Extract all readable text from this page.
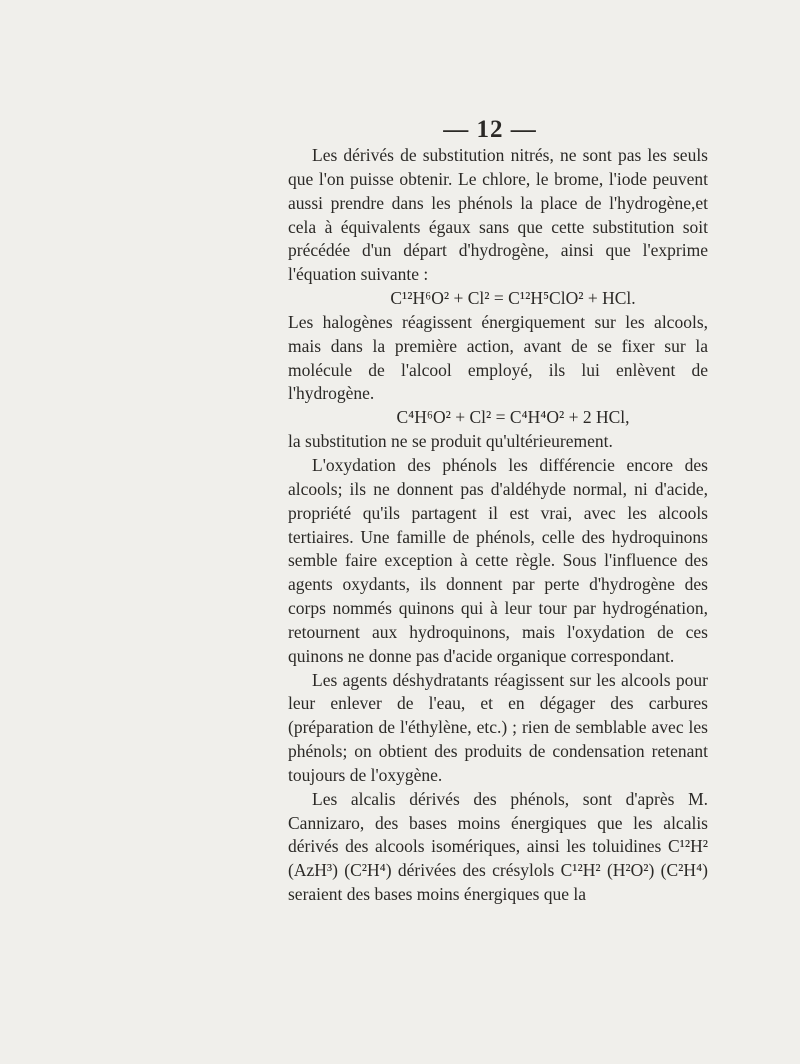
— 12 —

Les dérivés de substitution nitrés, ne sont pas les seuls que l'on puisse obtenir. Le chlore, le brome, l'iode peuvent aussi prendre dans les phénols la place de l'hydrogène,et cela à équivalents égaux sans que cette substitution soit précédée d'un départ d'hydrogène, ainsi que l'exprime l'équation suivante :

C¹²H⁶O² + Cl² = C¹²H⁵ClO² + HCl.

Les halogènes réagissent énergiquement sur les alcools, mais dans la première action, avant de se fixer sur la molécule de l'alcool employé, ils lui enlèvent de l'hydrogène.

C⁴H⁶O² + Cl² = C⁴H⁴O² + 2 HCl,

la substitution ne se produit qu'ultérieurement.

L'oxydation des phénols les différencie encore des alcools; ils ne donnent pas d'aldéhyde normal, ni d'acide, propriété qu'ils partagent il est vrai, avec les alcools tertiaires. Une famille de phénols, celle des hydroquinons semble faire exception à cette règle. Sous l'influence des agents oxydants, ils donnent par perte d'hydrogène des corps nommés quinons qui à leur tour par hydrogénation, retournent aux hydroquinons, mais l'oxydation de ces quinons ne donne pas d'acide organique correspondant.

Les agents déshydratants réagissent sur les alcools pour leur enlever de l'eau, et en dégager des carbures (préparation de l'éthylène, etc.) ; rien de semblable avec les phénols; on obtient des produits de condensation retenant toujours de l'oxygène.

Les alcalis dérivés des phénols, sont d'après M. Cannizaro, des bases moins énergiques que les alcalis dérivés des alcools isomériques, ainsi les toluidines C¹²H² (AzH³) (C²H⁴) dérivées des crésylols C¹²H² (H²O²) (C²H⁴) seraient des bases moins énergiques que la
